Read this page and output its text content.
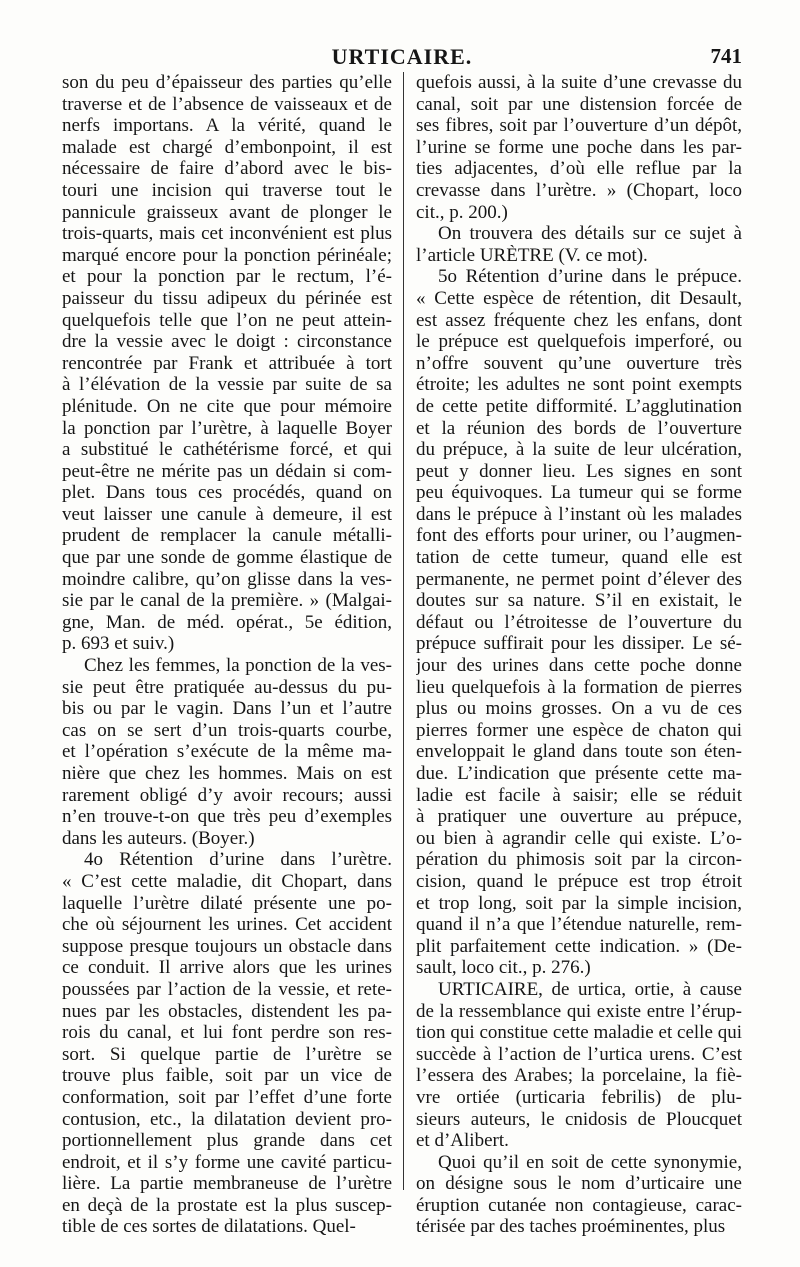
URTICAIRE.	741
son du peu d’épaisseur des parties qu’elle
traverse et de l’absence de vaisseaux et de
nerfs importans. A la vérité, quand le
malade est chargé d’embonpoint, il est
nécessaire de faire d’abord avec le bis-
touri une incision qui traverse tout le
pannicule graisseux avant de plonger le
trois-quarts, mais cet inconvénient est plus
marqué encore pour la ponction périnéale;
et pour la ponction par le rectum, l’é-
paisseur du tissu adipeux du périnée est
quelquefois telle que l’on ne peut attein-
dre la vessie avec le doigt : circonstance
rencontrée par Frank et attribuée à tort
à l’élévation de la vessie par suite de sa
plénitude. On ne cite que pour mémoire
la ponction par l’urètre, à laquelle Boyer
a substitué le cathétérisme forcé, et qui
peut-être ne mérite pas un dédain si com-
plet. Dans tous ces procédés, quand on
veut laisser une canule à demeure, il est
prudent de remplacer la canule métalli-
que par une sonde de gomme élastique de
moindre calibre, qu’on glisse dans la ves-
sie par le canal de la première. » (Malgai-
gne, Man. de méd. opérat., 5e édition,
p. 693 et suiv.)
Chez les femmes, la ponction de la ves-
sie peut être pratiquée au-dessus du pu-
bis ou par le vagin. Dans l’un et l’autre
cas on se sert d’un trois-quarts courbe,
et l’opération s’exécute de la même ma-
nière que chez les hommes. Mais on est
rarement obligé d’y avoir recours; aussi
n’en trouve-t-on que très peu d’exemples
dans les auteurs. (Boyer.)
4o Rétention d’urine dans l’urètre.
« C’est cette maladie, dit Chopart, dans
laquelle l’urètre dilaté présente une po-
che où séjournent les urines. Cet accident
suppose presque toujours un obstacle dans
ce conduit. Il arrive alors que les urines
poussées par l’action de la vessie, et rete-
nues par les obstacles, distendent les pa-
rois du canal, et lui font perdre son res-
sort. Si quelque partie de l’urètre se
trouve plus faible, soit par un vice de
conformation, soit par l’effet d’une forte
contusion, etc., la dilatation devient pro-
portionnellement plus grande dans cet
endroit, et il s’y forme une cavité particu-
lière. La partie membraneuse de l’urètre
en deçà de la prostate est la plus suscep-
tible de ces sortes de dilatations. Quel-
quefois aussi, à la suite d’une crevasse du
canal, soit par une distension forcée de
ses fibres, soit par l’ouverture d’un dépôt,
l’urine se forme une poche dans les par-
ties adjacentes, d’où elle reflue par la
crevasse dans l’urètre. » (Chopart, loco
cit., p. 200.)
On trouvera des détails sur ce sujet à
l’article URÈTRE (V. ce mot).
5o Rétention d’urine dans le prépuce.
« Cette espèce de rétention, dit Desault,
est assez fréquente chez les enfans, dont
le prépuce est quelquefois imperforé, ou
n’offre souvent qu’une ouverture très
étroite; les adultes ne sont point exempts
de cette petite difformité. L’agglutination
et la réunion des bords de l’ouverture
du prépuce, à la suite de leur ulcération,
peut y donner lieu. Les signes en sont
peu équivoques. La tumeur qui se forme
dans le prépuce à l’instant où les malades
font des efforts pour uriner, ou l’augmen-
tation de cette tumeur, quand elle est
permanente, ne permet point d’élever des
doutes sur sa nature. S’il en existait, le
défaut ou l’étroitesse de l’ouverture du
prépuce suffirait pour les dissiper. Le sé-
jour des urines dans cette poche donne
lieu quelquefois à la formation de pierres
plus ou moins grosses. On a vu de ces
pierres former une espèce de chaton qui
enveloppait le gland dans toute son éten-
due. L’indication que présente cette ma-
ladie est facile à saisir; elle se réduit
à pratiquer une ouverture au prépuce,
ou bien à agrandir celle qui existe. L’o-
pération du phimosis soit par la circon-
cision, quand le prépuce est trop étroit
et trop long, soit par la simple incision,
quand il n’a que l’étendue naturelle, rem-
plit parfaitement cette indication. » (De-
sault, loco cit., p. 276.)
URTICAIRE, de urtica, ortie, à cause
de la ressemblance qui existe entre l’érup-
tion qui constitue cette maladie et celle qui
succède à l’action de l’urtica urens. C’est
l’essera des Arabes; la porcelaine, la fiè-
vre ortiée (urticaria febrilis) de plu-
sieurs auteurs, le cnidosis de Ploucquet
et d’Alibert.
Quoi qu’il en soit de cette synonymie,
on désigne sous le nom d’urticaire une
éruption cutanée non contagieuse, carac-
térisée par des taches proéminentes, plus
